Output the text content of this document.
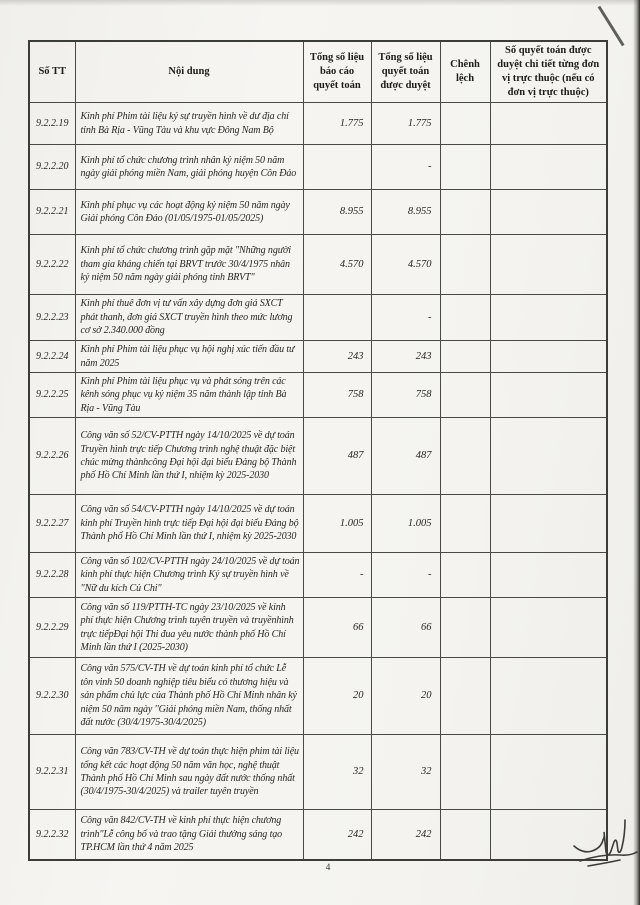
Số TT	Nội dung	Tổng số liệu báo cáo quyết toán	Tổng số liệu quyết toán được duyệt	Chênh lệch	Số quyết toán được duyệt chi tiết từng đơn vị trực thuộc (nếu có đơn vị trực thuộc)
9.2.2.19	Kinh phí Phim tài liệu ký sự truyền hình về dư địa chí tỉnh Bà Rịa - Vũng Tàu và khu vực Đông Nam Bộ	1.775	1.775		
9.2.2.20	Kinh phí tổ chức chương trình nhân kỷ niệm 50 năm ngày giải phóng miền Nam, giải phóng huyện Côn Đảo		-		
9.2.2.21	Kinh phí phục vụ các hoạt động kỷ niệm 50 năm ngày Giải phóng Côn Đảo (01/05/1975-01/05/2025)	8.955	8.955		
9.2.2.22	Kinh phí tổ chức chương trình gặp mặt "Những người tham gia kháng chiến tại BRVT trước 30/4/1975 nhân kỷ niệm 50 năm ngày giải phóng tỉnh BRVT"	4.570	4.570		
9.2.2.23	Kinh phí thuê đơn vị tư vấn xây dựng đơn giá SXCT phát thanh, đơn giá SXCT truyền hình theo mức lương cơ sở 2.340.000 đồng		-		
9.2.2.24	Kinh phí Phim tài liệu phục vụ hội nghị xúc tiến đầu tư năm 2025	243	243		
9.2.2.25	Kinh phí Phim tài liệu phục vụ và phát sóng trên các kênh sóng phục vụ kỷ niệm 35 năm thành lập tỉnh Bà Rịa - Vũng Tàu	758	758		
9.2.2.26	Công văn số 52/CV-PTTH ngày 14/10/2025 về dự toán Truyền hình trực tiếp Chương trình nghệ thuật đặc biệt chúc mừng thànhcông Đại hội đại biểu Đảng bộ Thành phố Hồ Chí Minh lần thứ I, nhiệm kỳ 2025-2030	487	487		
9.2.2.27	Công văn số 54/CV-PTTH ngày 14/10/2025 về dự toán kinh phí Truyền hình trực tiếp Đại hội đại biểu Đảng bộ Thành phố Hồ Chí Minh lần thứ I, nhiệm kỳ 2025-2030	1.005	1.005		
9.2.2.28	Công văn số 102/CV-PTTH ngày 24/10/2025 về dự toán kinh phí thực hiện Chương trình Ký sự truyền hình về "Nữ du kích Củ Chi"	-	-		
9.2.2.29	Công văn số 119/PTTH-TC ngày 23/10/2025 về kinh phí thực hiện Chương trình tuyên truyền và truyềnhình trực tiếpĐại hội Thi đua yêu nước thành phố Hồ Chí Minh lần thứ I (2025-2030)	66	66		
9.2.2.30	Công văn 575/CV-TH về dự toán kinh phí tổ chức Lễ tôn vinh 50 doanh nghiệp tiêu biểu có thương hiệu và sản phẩm chủ lực của Thành phố Hồ Chí Minh nhân kỷ niệm 50 năm ngày ''Giải phóng miền Nam, thống nhất đất nước (30/4/1975-30/4/2025)	20	20		
9.2.2.31	Công văn 783/CV-TH về dự toán thực hiện phim tài liệu tổng kết các hoạt động 50 năm văn học, nghệ thuật Thành phố Hồ Chí Minh sau ngày đất nước thống nhất (30/4/1975-30/4/2025) và trailer tuyên truyền	32	32		
9.2.2.32	Công văn 842/CV-TH về kinh phí thực hiện chương trình"Lễ công bố và trao tặng Giải thưởng sáng tạo TP.HCM lần thứ 4 năm 2025	242	242		
4
